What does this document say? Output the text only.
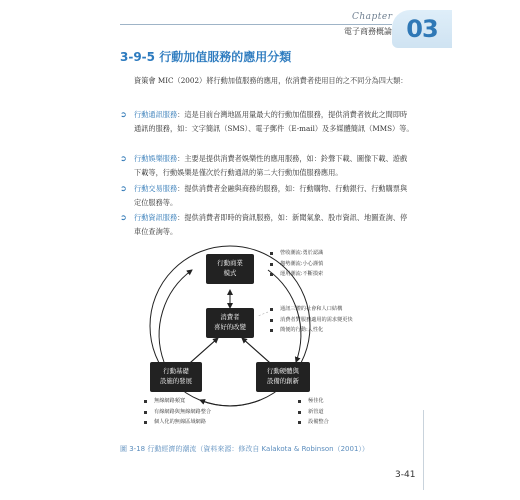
Chapter
電子商務概論 03
3-9-5 行動加值服務的應用分類
資策會 MIC（2002）將行動加值服務的應用，依消費者使用目的之不同分為四大類：
➲ 行動通訊服務：這是目前台灣地區用量最大的行動加值服務，提供消費者彼此之間即時通訊的服務，如：文字簡訊（SMS）、電子郵件（E-mail）及多媒體簡訊（MMS）等。
➲ 行動娛樂服務：主要是提供消費者娛樂性的應用服務，如：鈴聲下載、圖像下載、遊戲下載等，行動娛樂是僅次於行動通訊的第二大行動加值服務應用。
➲ 行動交易服務：提供消費者金融與商務的服務，如：行動購物、行動銀行、行動購票與定位服務等。
➲ 行動資訊服務：提供消費者即時的資訊服務，如：新聞氣象、股市資訊、地圖查詢、停車位查詢等。
行動商業
模式
消費者
喜好的改變
行動基礎
設施的發展
行動硬體與
設備的創新
營收潮流:勇於認識
趨勢潮流:小心謹慎
運用潮流:不斷摸索
通訊三體的社會和人口結構
消費者對服務適用的需求變更快
簡便的行動:人性化
無線網路頻寬
有線網路與無線網路整合
個人化的無線區域網路
極佳化
新管道
設備整合
圖 3-18 行動經濟的潮流（資料來源：修改自 Kalakota & Robinson（2001））
3-41
